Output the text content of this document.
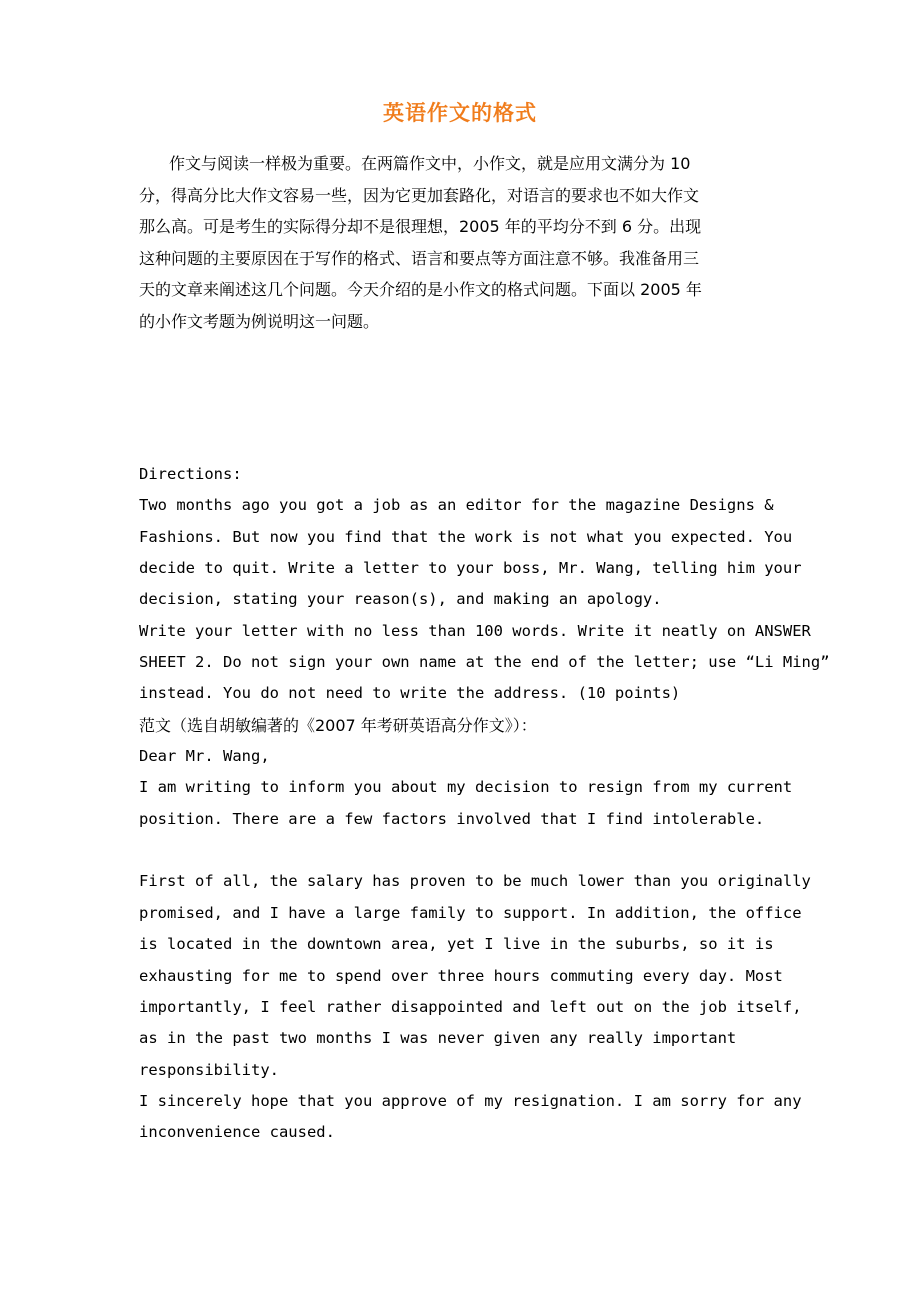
英语作文的格式
作文与阅读一样极为重要。在两篇作文中，小作文，就是应用文满分为 10
分，得高分比大作文容易一些，因为它更加套路化，对语言的要求也不如大作文
那么高。可是考生的实际得分却不是很理想，2005 年的平均分不到 6 分。出现
这种问题的主要原因在于写作的格式、语言和要点等方面注意不够。我准备用三
天的文章来阐述这几个问题。今天介绍的是小作文的格式问题。下面以 2005 年
的小作文考题为例说明这一问题。
Directions:
Two months ago you got a job as an editor for the magazine Designs &
Fashions. But now you find that the work is not what you expected. You
decide to quit. Write a letter to your boss, Mr. Wang, telling him your
decision, stating your reason(s), and making an apology.
Write your letter with no less than 100 words. Write it neatly on ANSWER
SHEET 2. Do not sign your own name at the end of the letter; use “Li Ming”
instead. You do not need to write the address. (10 points)
范文（选自胡敏编著的《2007 年考研英语高分作文》）：
Dear Mr. Wang,
I am writing to inform you about my decision to resign from my current
position. There are a few factors involved that I find intolerable.
First of all, the salary has proven to be much lower than you originally
promised, and I have a large family to support. In addition, the office
is located in the downtown area, yet I live in the suburbs, so it is
exhausting for me to spend over three hours commuting every day. Most
importantly, I feel rather disappointed and left out on the job itself,
as in the past two months I was never given any really important
responsibility.
I sincerely hope that you approve of my resignation. I am sorry for any
inconvenience caused.
